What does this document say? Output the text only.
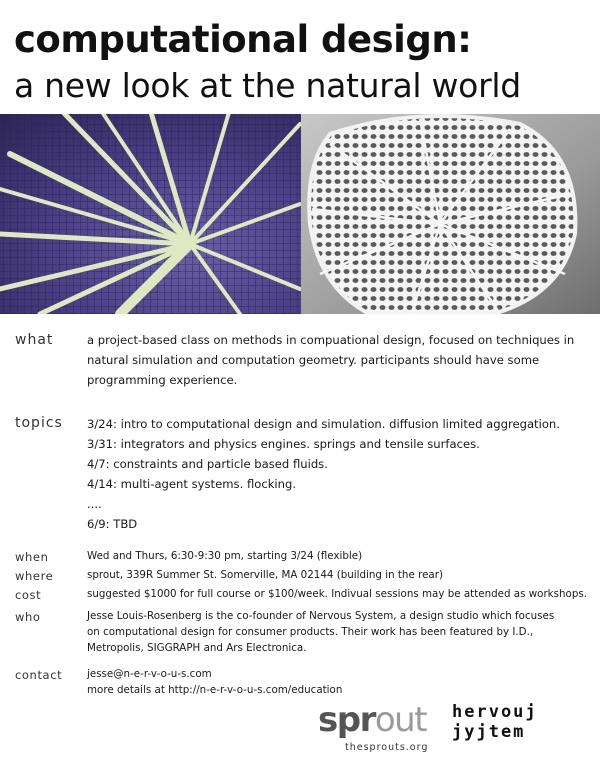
computational design:
a new look at the natural world
what	a project-based class on methods in compuational design, focused on techniques in
natural simulation and computation geometry. participants should have some
programming experience.
topics 3/24: intro to computational design and simulation. diffusion limited aggregation.
3/31: integrators and physics engines. springs and tensile surfaces.
4/7: constraints and particle based fluids.
4/14: multi-agent systems. flocking.
....
6/9: TBD
when	Wed and Thurs, 6:30-9:30 pm, starting 3/24 (flexible)
where	sprout, 339R Summer St. Somerville, MA 02144 (building in the rear)
cost	suggested $1000 for full course or $100/week. Indivual sessions may be attended as workshops.
who	Jesse Louis-Rosenberg is the co-founder of Nervous System, a design studio which focuses
on computational design for consumer products. Their work has been featured by I.D.,
Metropolis, SIGGRAPH and Ars Electronica.
contact jesse@n-e-r-v-o-u-s.com
more details at http://n-e-r-v-o-u-s.com/education
sprout
thesprouts.org
hervouj
jyjtem
